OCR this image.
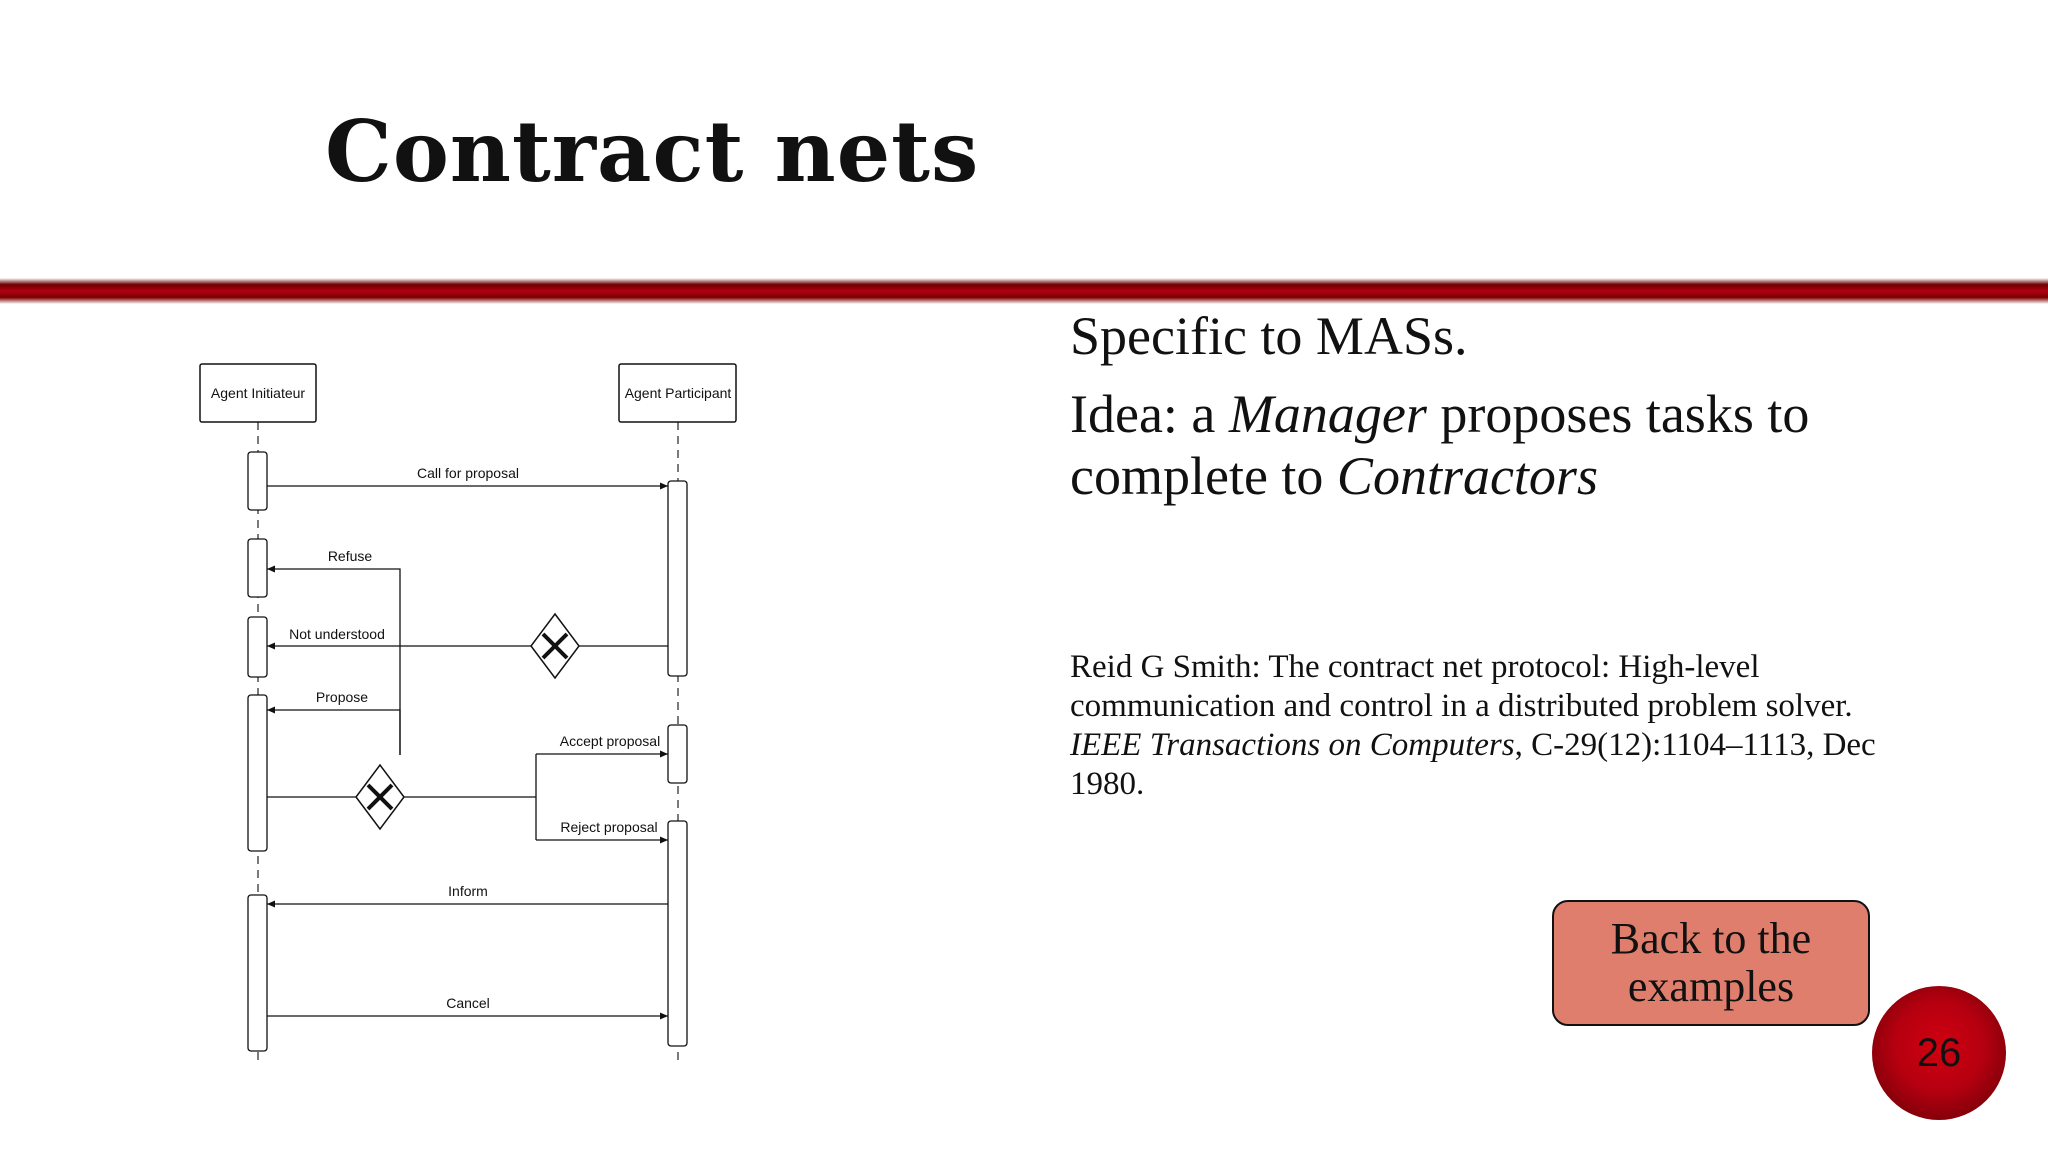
Contract nets
Agent Initiateur	Agent Participant
Call for proposal
Refuse
Not understood
Propose
Accept proposal
Reject proposal
Inform
Cancel

Specific to MASs.

Idea: a Manager proposes tasks to complete to Contractors

Reid G Smith: The contract net protocol: High-level communication and control in a distributed problem solver. IEEE Transactions on Computers, C-29(12):1104–1113, Dec 1980.
Back to the examples
26
